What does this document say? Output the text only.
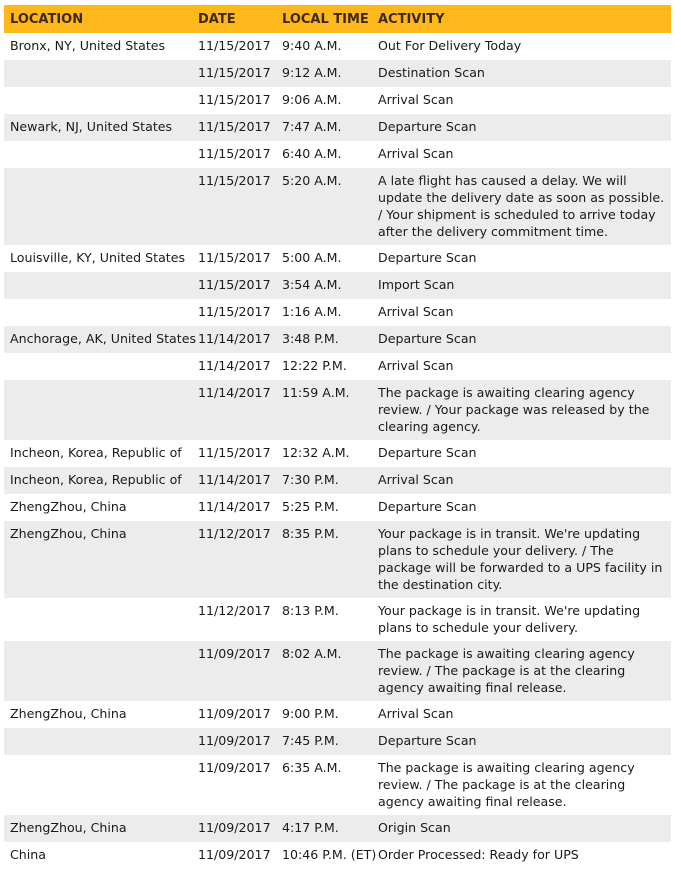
LOCATION	DATE	LOCAL TIME	ACTIVITY
Bronx, NY, United States	11/15/2017	9:40 A.M.	Out For Delivery Today
	11/15/2017	9:12 A.M.	Destination Scan
	11/15/2017	9:06 A.M.	Arrival Scan
Newark, NJ, United States	11/15/2017	7:47 A.M.	Departure Scan
	11/15/2017	6:40 A.M.	Arrival Scan
	11/15/2017	5:20 A.M.	A late flight has caused a delay. We will update the delivery date as soon as possible. / Your shipment is scheduled to arrive today after the delivery commitment time.
Louisville, KY, United States	11/15/2017	5:00 A.M.	Departure Scan
	11/15/2017	3:54 A.M.	Import Scan
	11/15/2017	1:16 A.M.	Arrival Scan
Anchorage, AK, United States	11/14/2017	3:48 P.M.	Departure Scan
	11/14/2017	12:22 P.M.	Arrival Scan
	11/14/2017	11:59 A.M.	The package is awaiting clearing agency review. / Your package was released by the clearing agency.
Incheon, Korea, Republic of	11/15/2017	12:32 A.M.	Departure Scan
Incheon, Korea, Republic of	11/14/2017	7:30 P.M.	Arrival Scan
ZhengZhou, China	11/14/2017	5:25 P.M.	Departure Scan
ZhengZhou, China	11/12/2017	8:35 P.M.	Your package is in transit. We're updating plans to schedule your delivery. / The package will be forwarded to a UPS facility in the destination city.
	11/12/2017	8:13 P.M.	Your package is in transit. We're updating plans to schedule your delivery.
	11/09/2017	8:02 A.M.	The package is awaiting clearing agency review. / The package is at the clearing agency awaiting final release.
ZhengZhou, China	11/09/2017	9:00 P.M.	Arrival Scan
	11/09/2017	7:45 P.M.	Departure Scan
	11/09/2017	6:35 A.M.	The package is awaiting clearing agency review. / The package is at the clearing agency awaiting final release.
ZhengZhou, China	11/09/2017	4:17 P.M.	Origin Scan
China	11/09/2017	10:46 P.M. (ET)	Order Processed: Ready for UPS
